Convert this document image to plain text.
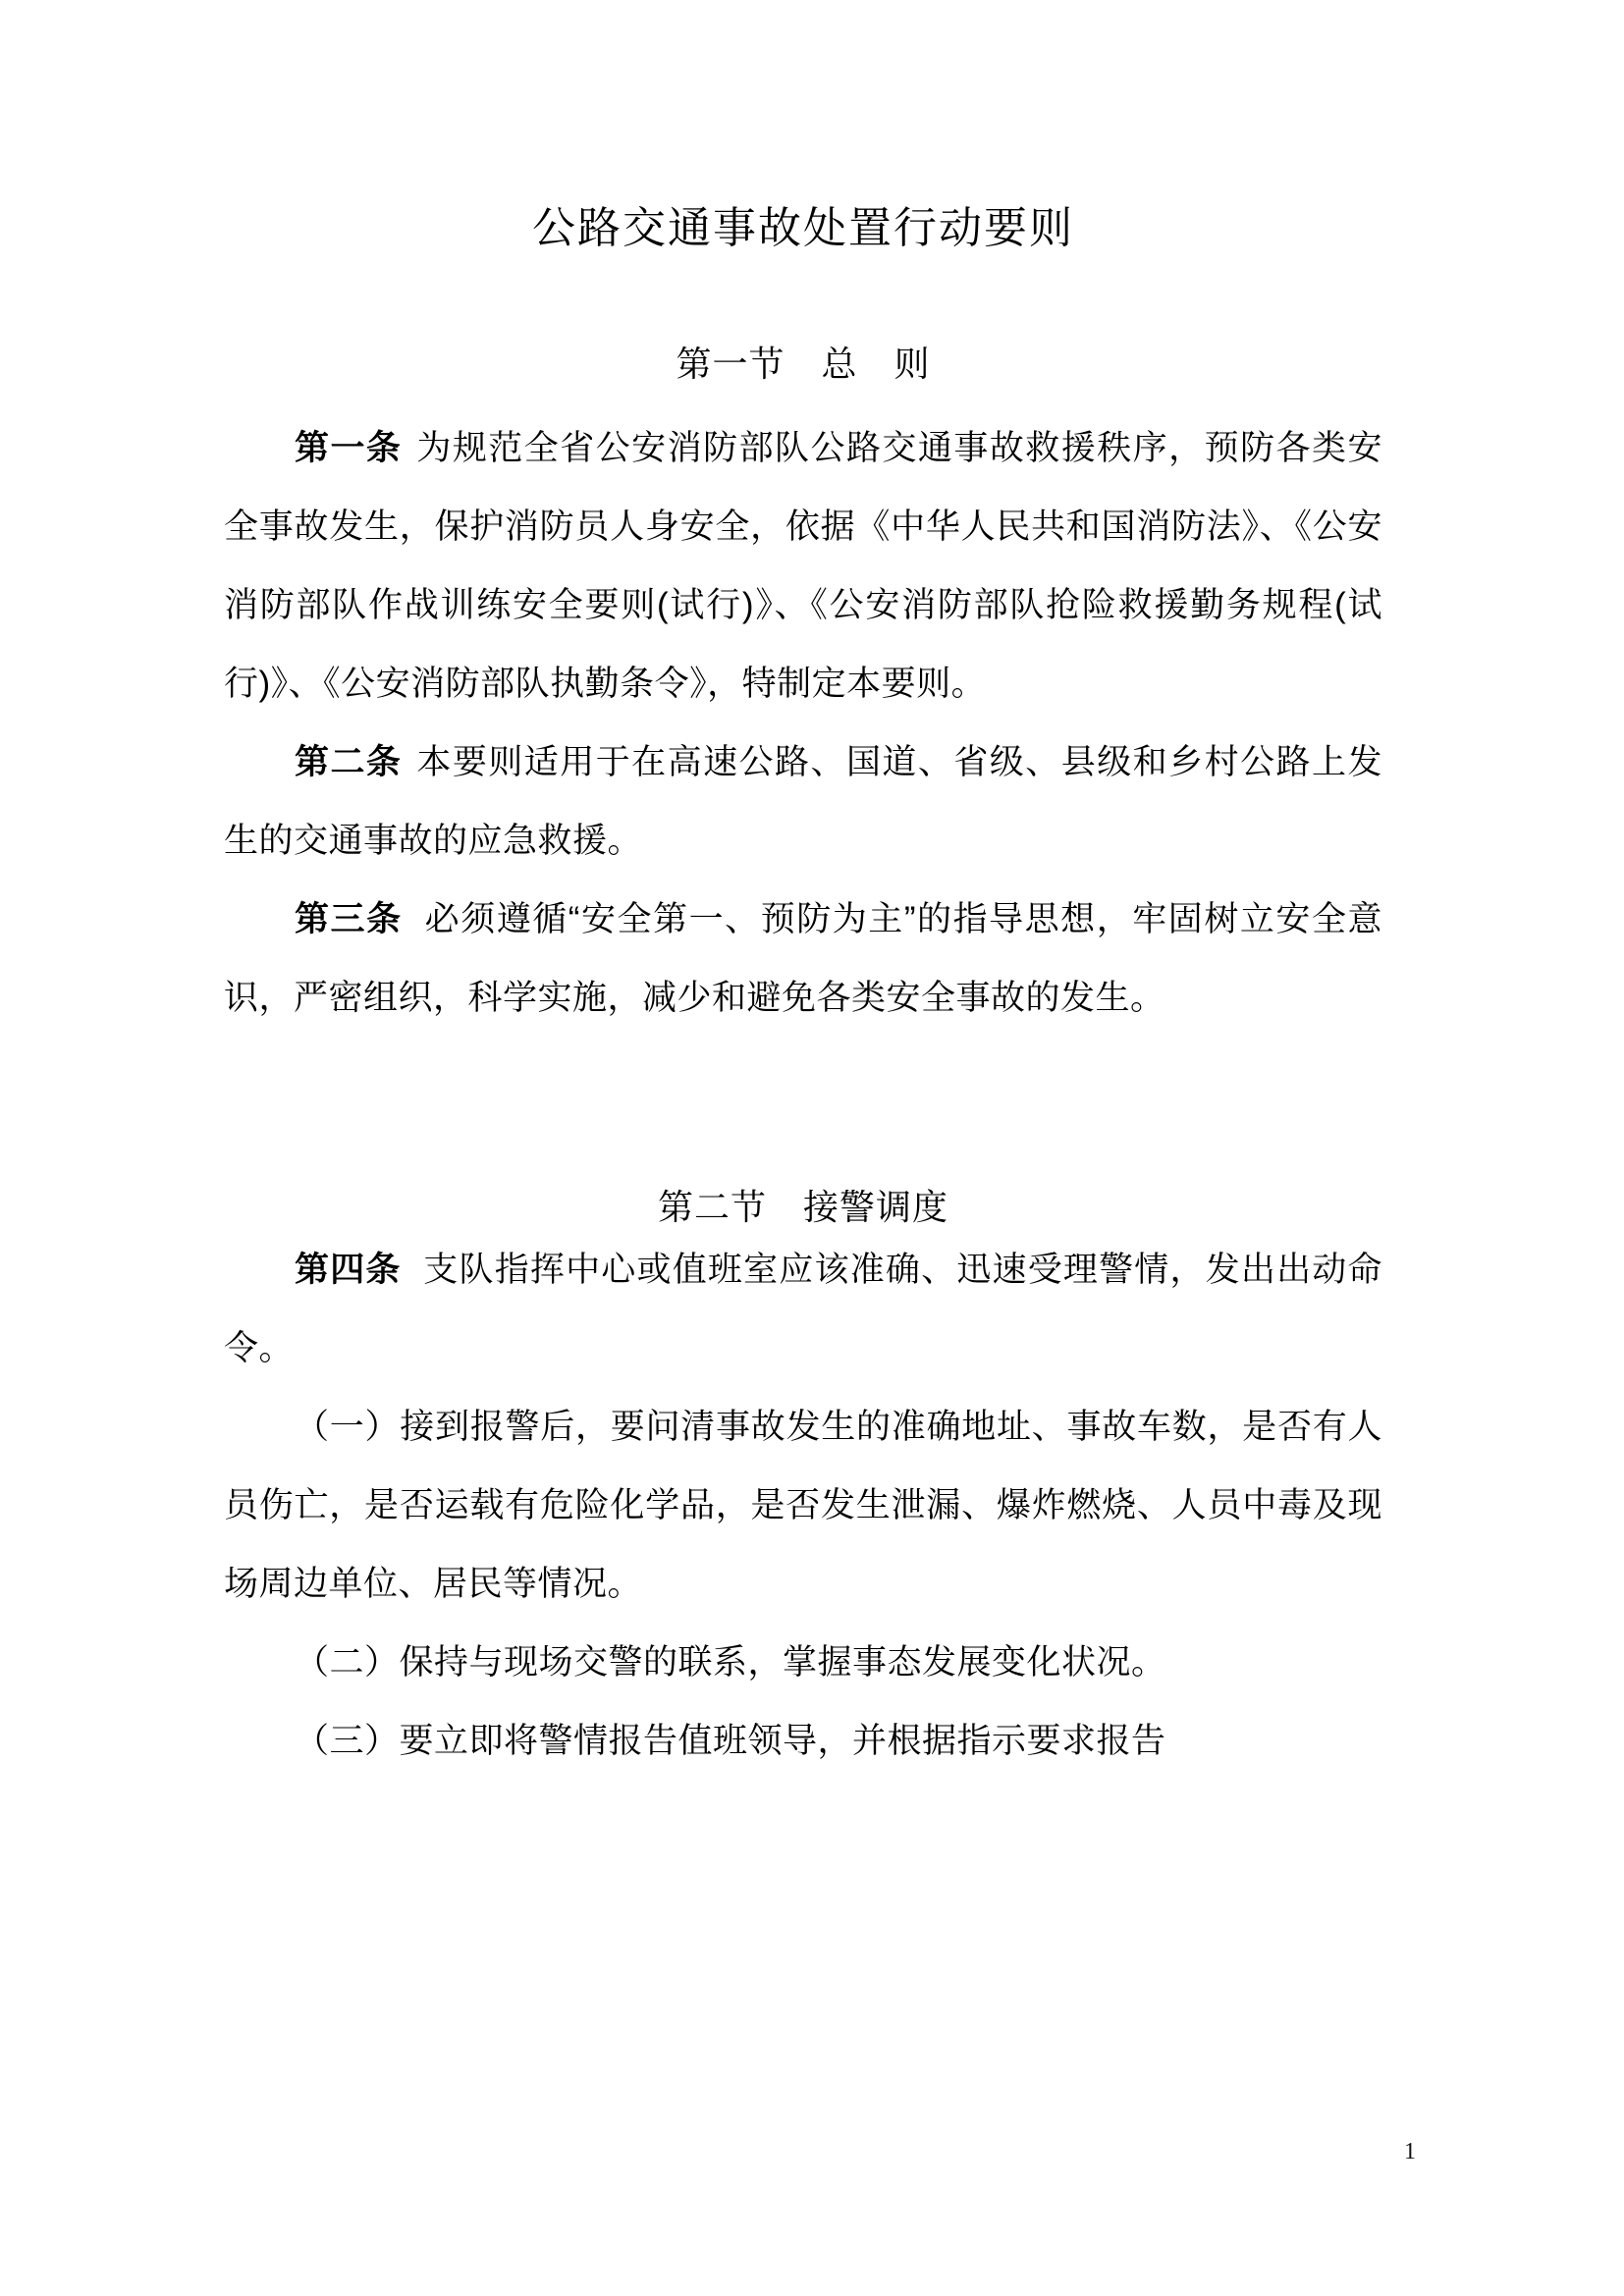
公路交通事故处置行动要则
第一节　总　则

第一条 为规范全省公安消防部队公路交通事故救援秩序，预防各类安全事故发生，保护消防员人身安全，依据《中华人民共和国消防法》、《公安消防部队作战训练安全要则(试行)》、《公安消防部队抢险救援勤务规程(试行)》、《公安消防部队执勤条令》，特制定本要则。

第二条 本要则适用于在高速公路、国道、省级、县级和乡村公路上发生的交通事故的应急救援。

第三条 必须遵循“安全第一、预防为主”的指导思想，牢固树立安全意识，严密组织，科学实施，减少和避免各类安全事故的发生。

第二节　接警调度

第四条 支队指挥中心或值班室应该准确、迅速受理警情，发出出动命令。

（一）接到报警后，要问清事故发生的准确地址、事故车数，是否有人员伤亡，是否运载有危险化学品，是否发生泄漏、爆炸燃烧、人员中毒及现场周边单位、居民等情况。

（二）保持与现场交警的联系，掌握事态发展变化状况。

（三）要立即将警情报告值班领导，并根据指示要求报告

1
